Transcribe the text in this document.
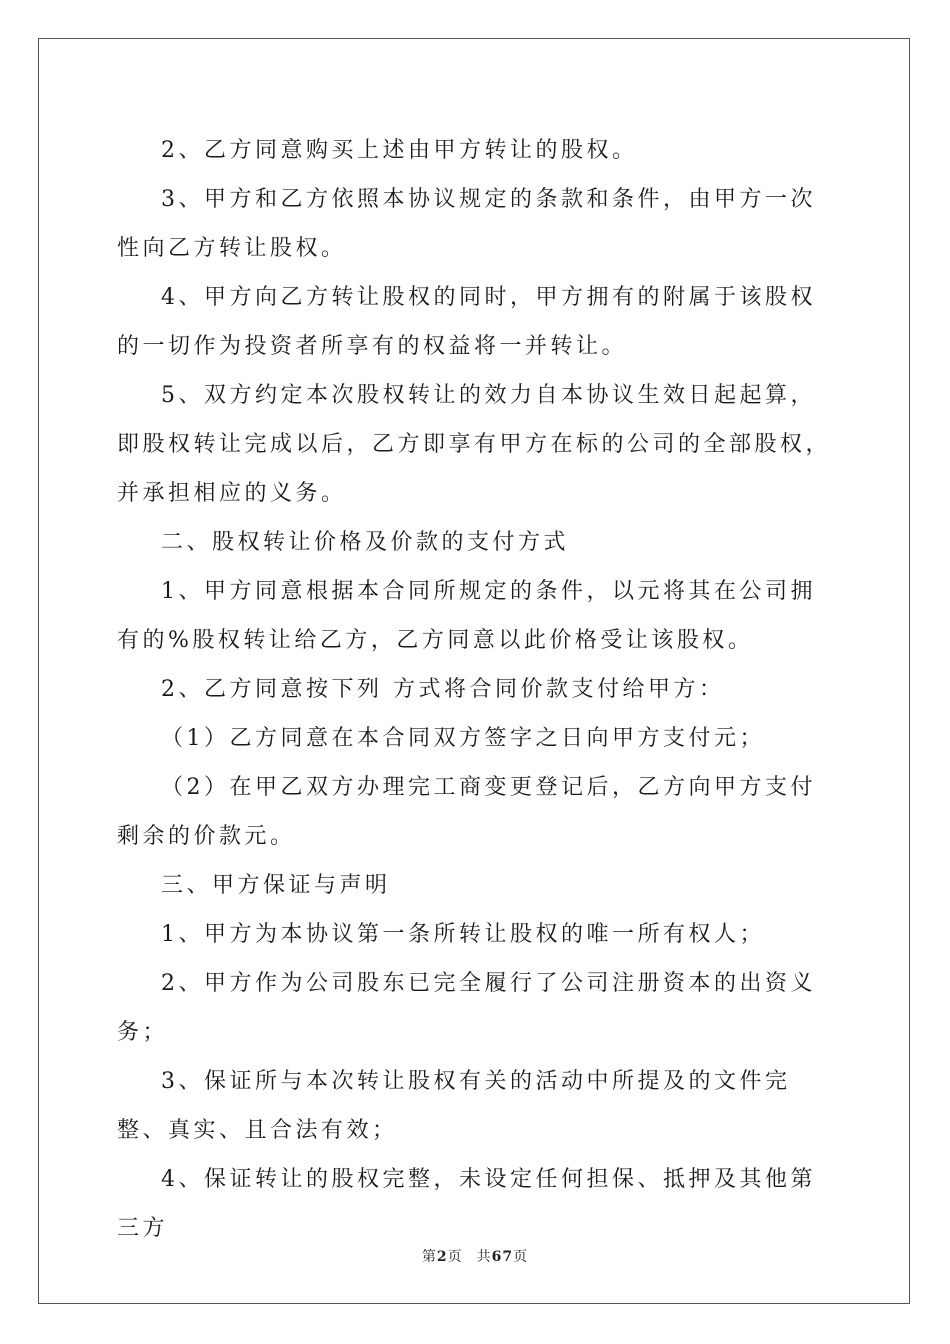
2、乙方同意购买上述由甲方转让的股权。

3、甲方和乙方依照本协议规定的条款和条件，由甲方一次性向乙方转让股权。

4、甲方向乙方转让股权的同时，甲方拥有的附属于该股权的一切作为投资者所享有的权益将一并转让。

5、双方约定本次股权转让的效力自本协议生效日起起算，即股权转让完成以后，乙方即享有甲方在标的公司的全部股权，并承担相应的义务。

二、股权转让价格及价款的支付方式

1、甲方同意根据本合同所规定的条件，以元将其在公司拥有的%股权转让给乙方，乙方同意以此价格受让该股权。

2、乙方同意按下列 方式将合同价款支付给甲方：

（1）乙方同意在本合同双方签字之日向甲方支付元；

（2）在甲乙双方办理完工商变更登记后，乙方向甲方支付剩余的价款元。

三、甲方保证与声明

1、甲方为本协议第一条所转让股权的唯一所有权人；

2、甲方作为公司股东已完全履行了公司注册资本的出资义务；

3、保证所与本次转让股权有关的活动中所提及的文件完整、真实、且合法有效；

4、保证转让的股权完整，未设定任何担保、抵押及其他第三方

第2页 共67页
